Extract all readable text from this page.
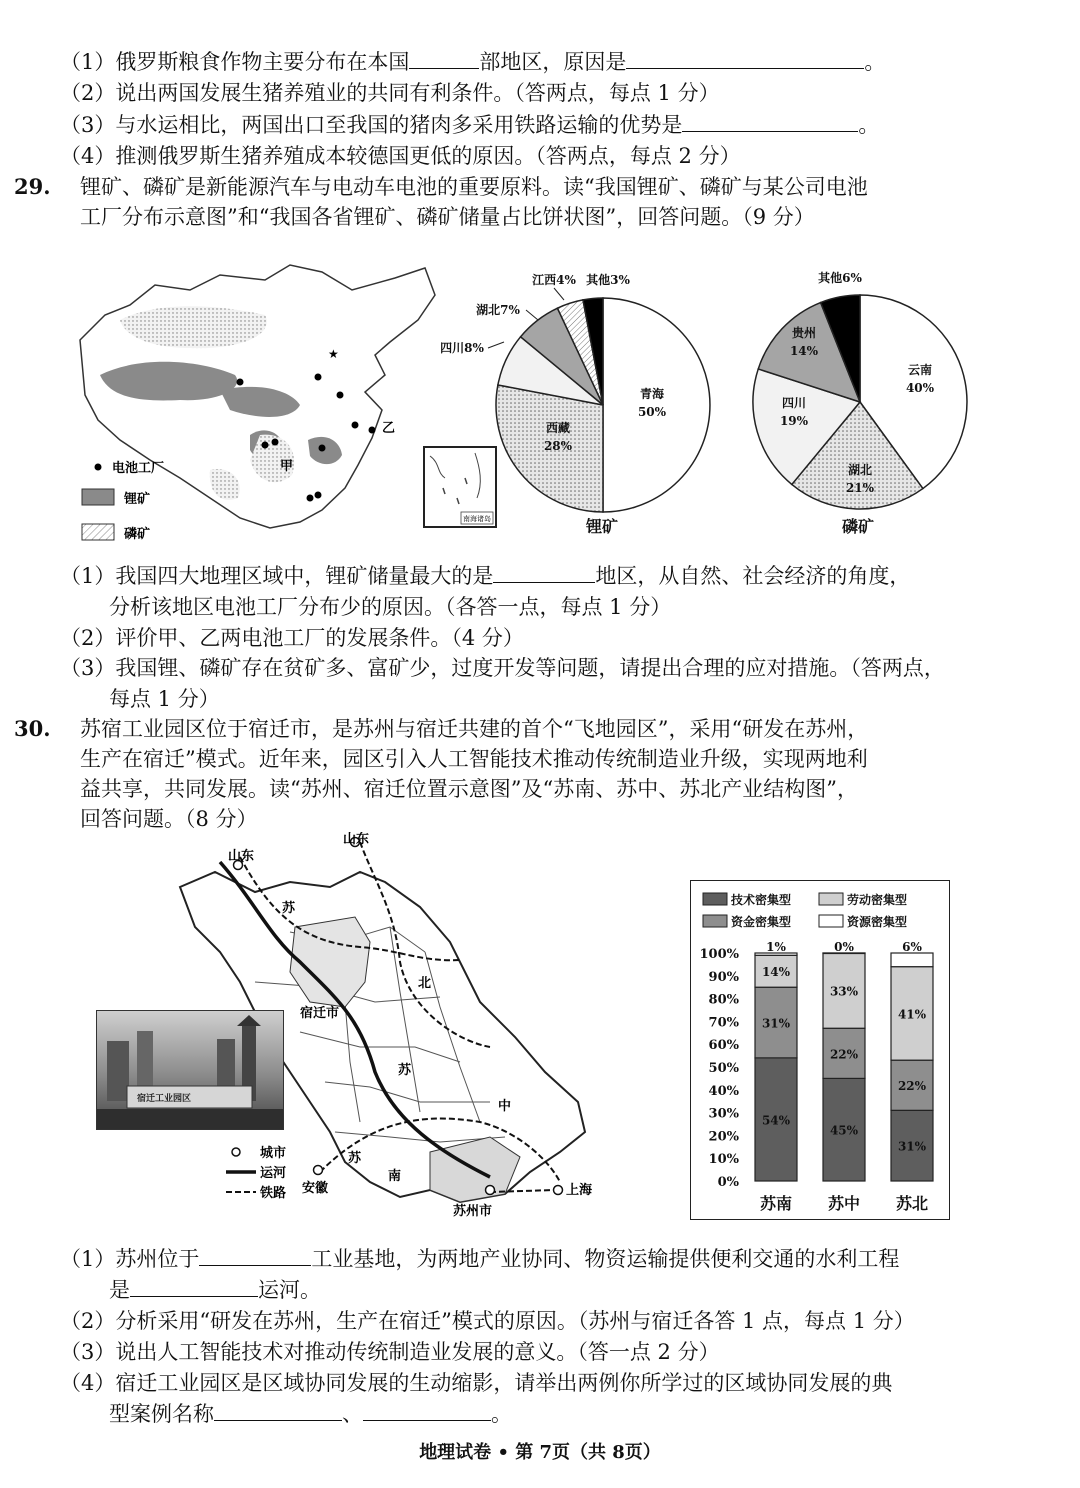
（1）俄罗斯粮食作物主要分布在本国	部地区，原因是	。
（2）说出两国发展生猪养殖业的共同有利条件。（答两点，每点 1 分）
（3）与水运相比，两国出口至我国的猪肉多采用铁路运输的优势是	。
（4）推测俄罗斯生猪养殖成本较德国更低的原因。（答两点，每点 2 分）
29. 锂矿、磷矿是新能源汽车与电动车电池的重要原料。读“我国锂矿、磷矿与某公司电池
工厂分布示意图”和“我国各省锂矿、磷矿储量占比饼状图”，回答问题。（9 分）
★
甲
乙
电池工厂
锂矿
磷矿
南海诸岛
青海
50%
西藏
28%
四川8%
湖北7%
江西4% 其他3%
锂矿
云南
40%
湖北
21%
四川
19%
贵州
14%
其他6%
磷矿
（1）我国四大地理区域中，锂矿储量最大的是	地区，从自然、社会经济的角度，
分析该地区电池工厂分布少的原因。（各答一点，每点 1 分）
（2）评价甲、乙两电池工厂的发展条件。（4 分）
（3）我国锂、磷矿存在贫矿多、富矿少，过度开发等问题，请提出合理的应对措施。（答两点，
每点 1 分）
30. 苏宿工业园区位于宿迁市，是苏州与宿迁共建的首个“飞地园区”，采用“研发在苏州，
生产在宿迁”模式。近年来，园区引入人工智能技术推动传统制造业升级，实现两地利
益共享，共同发展。读“苏州、宿迁位置示意图”及“苏南、苏中、苏北产业结构图”，
回答问题。（8 分）
山东
山东
苏
北
宿迁市
苏
中
苏
南
苏州市
安徽	上海
城市
运河
铁路
宿迁工业园区
技术密集型	劳动密集型
资金密集型	资源密集型
0%
10%
20%
30%
40%
50%
60%
70%
80%
90%
100%
54%
31%
14%
1%
苏南
45%
22%
33%
0%
苏中
31%
22%
41%
6%
苏北
（1）苏州位于	工业基地，为两地产业协同、物资运输提供便利交通的水利工程
是	运河。
（2）分析采用“研发在苏州，生产在宿迁”模式的原因。（苏州与宿迁各答 1 点，每点 1 分）
（3）说出人工智能技术对推动传统制造业发展的意义。（答一点 2 分）
（4）宿迁工业园区是区域协同发展的生动缩影，请举出两例你所学过的区域协同发展的典
型案例名称	、	。
地理试卷 • 第 7页（共 8页）
